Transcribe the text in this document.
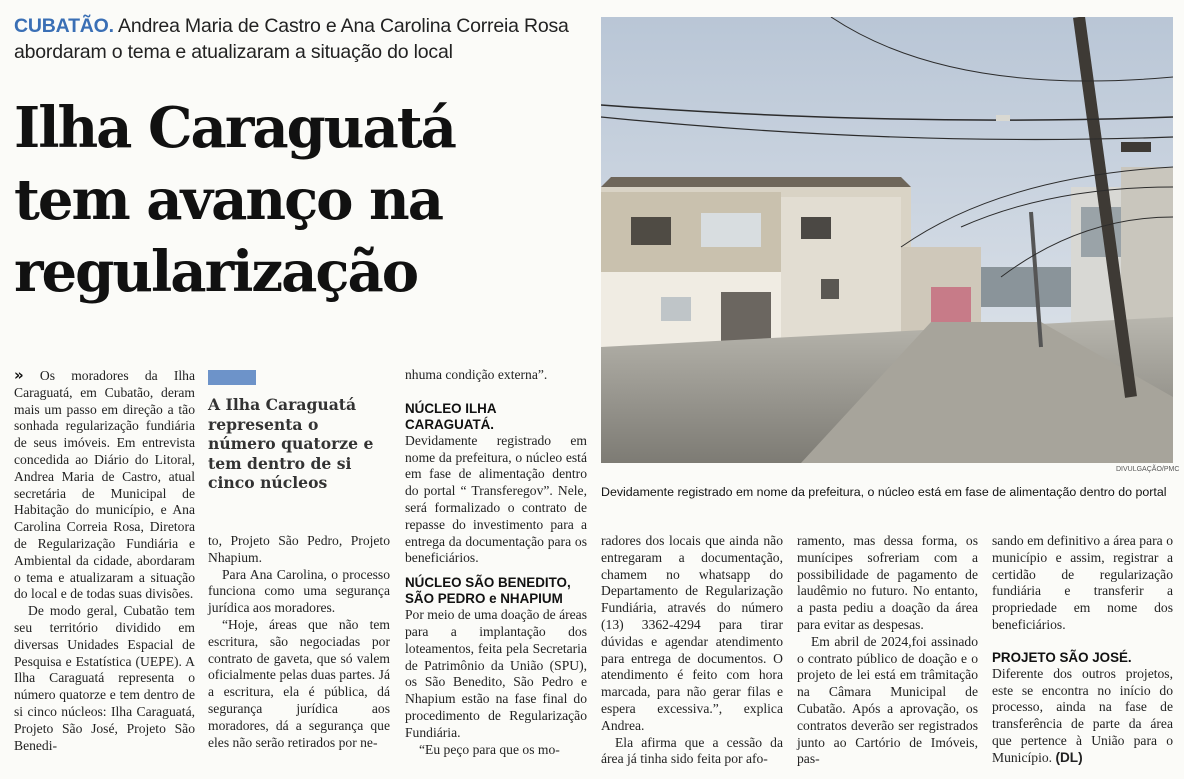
CUBATÃO. Andrea Maria de Castro e Ana Carolina Correia Rosa abordaram o tema e atualizaram a situação do local
Ilha Caraguatá
tem avanço na
regularização

» Os moradores da Ilha Caraguatá, em Cubatão, deram mais um passo em direção a tão sonhada regularização fundiária de seus imóveis. Em entrevista concedida ao Diário do Litoral, Andrea Maria de Castro, atual secretária de Municipal de Habitação do município, e Ana Carolina Correia Rosa, Diretora de Regularização Fundiária e Ambiental da cidade, abordaram o tema e atualizaram a situação do local e de todas suas divisões.

De modo geral, Cubatão tem seu território dividido em diversas Unidades Espacial de Pesquisa e Estatística (UEPE). A Ilha Caraguatá representa o número quatorze e tem dentro de si cinco núcleos: Ilha Caraguatá, Projeto São José, Projeto São Benedi-

A Ilha Caraguatá representa o número quatorze e tem dentro de si cinco núcleos

to, Projeto São Pedro, Projeto Nhapium.

Para Ana Carolina, o processo funciona como uma segurança jurídica aos moradores.

“Hoje, áreas que não tem escritura, são negociadas por contrato de gaveta, que só valem oficialmente pelas duas partes. Já a escritura, ela é pública, dá segurança jurídica aos moradores, dá a segurança que eles não serão retirados por ne-

nhuma condição externa”.

NÚCLEO ILHA CARAGUATÁ.

Devidamente registrado em nome da prefeitura, o núcleo está em fase de alimentação dentro do portal “ Transferegov”. Nele, será formalizado o contrato de repasse do investimento para a entrega da documentação para os beneficiários.

NÚCLEO SÃO BENEDITO,
SÃO PEDRO e NHAPIUM

Por meio de uma doação de áreas para a implantação dos loteamentos, feita pela Secretaria de Patrimônio da União (SPU), os São Benedito, São Pedro e Nhapium estão na fase final do procedimento de Regularização Fundiária.

“Eu peço para que os mo-

DIVULGAÇÃO/PMC
Devidamente registrado em nome da prefeitura, o núcleo está em fase de alimentação dentro do portal

radores dos locais que ainda não entregaram a documentação, chamem no whatsapp do Departamento de Regularização Fundiária, através do número (13) 3362-4294 para tirar dúvidas e agendar atendimento para entrega de documentos. O atendimento é feito com hora marcada, para não gerar filas e espera excessiva.”, explica Andrea.

Ela afirma que a cessão da área já tinha sido feita por afo-

ramento, mas dessa forma, os munícipes sofreriam com a possibilidade de pagamento de laudêmio no futuro. No entanto, a pasta pediu a doação da área para evitar as despesas.

Em abril de 2024,foi assinado o contrato público de doação e o projeto de lei está em trâmitação na Câmara Municipal de Cubatão. Após a aprovação, os contratos deverão ser registrados junto ao Cartório de Imóveis, pas-

sando em definitivo a área para o município e assim, registrar a certidão de regularização fundiária e transferir a propriedade em nome dos beneficiários.

PROJETO SÃO JOSÉ.

Diferente dos outros projetos, este se encontra no início do processo, ainda na fase de transferência de parte da área que pertence à União para o Município. (DL)
